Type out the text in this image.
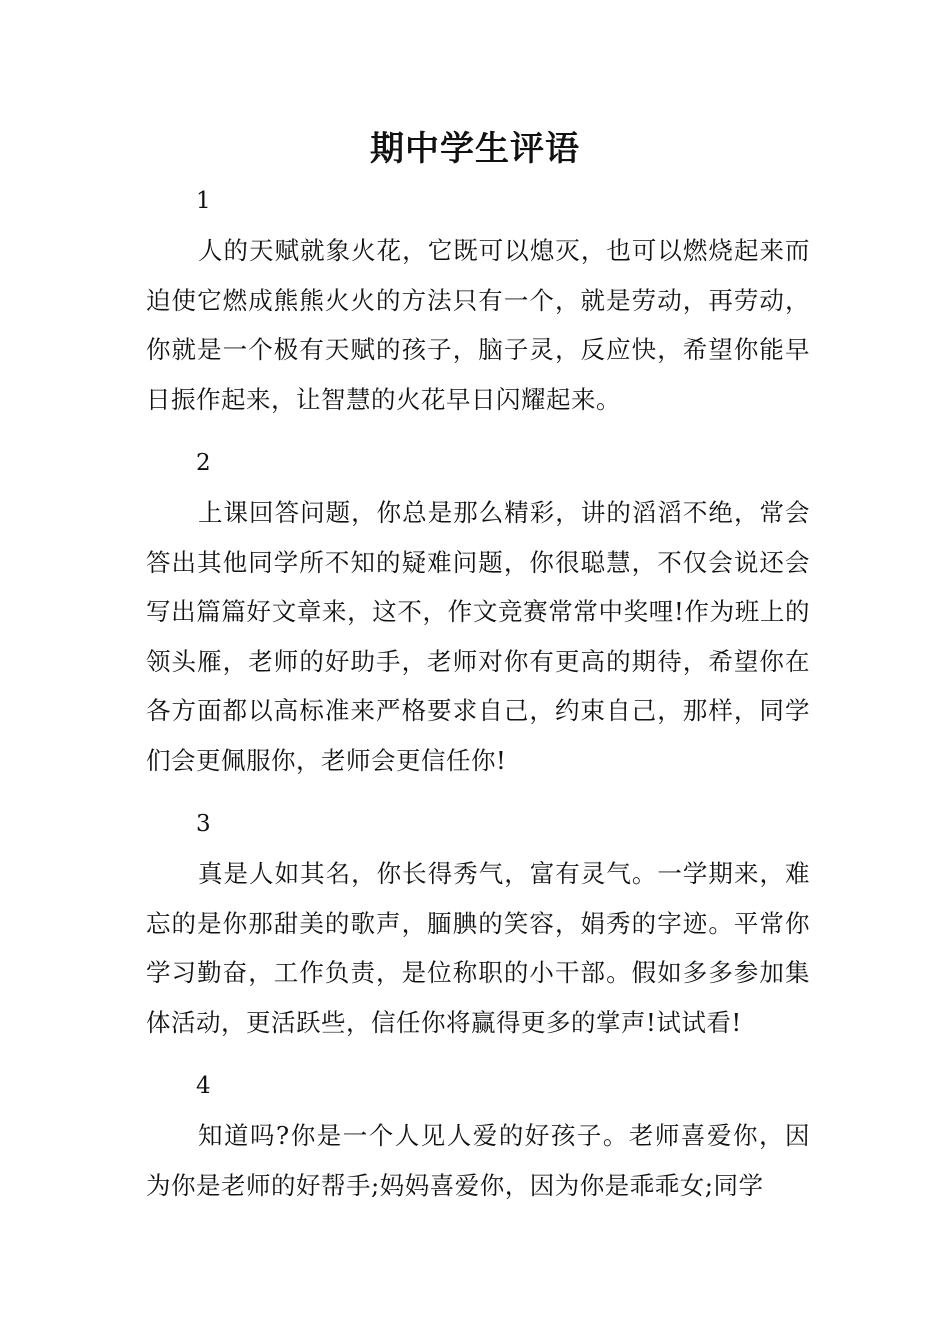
期中学生评语

1

人的天赋就象火花，它既可以熄灭，也可以燃烧起来而迫使它燃成熊熊火火的方法只有一个，就是劳动，再劳动，你就是一个极有天赋的孩子，脑子灵，反应快，希望你能早日振作起来，让智慧的火花早日闪耀起来。

2

上课回答问题，你总是那么精彩，讲的滔滔不绝，常会答出其他同学所不知的疑难问题，你很聪慧，不仅会说还会写出篇篇好文章来，这不，作文竞赛常常中奖哩!作为班上的领头雁，老师的好助手，老师对你有更高的期待，希望你在各方面都以高标准来严格要求自己，约束自己，那样，同学们会更佩服你，老师会更信任你!

3

真是人如其名，你长得秀气，富有灵气。一学期来，难忘的是你那甜美的歌声，腼腆的笑容，娟秀的字迹。平常你学习勤奋，工作负责，是位称职的小干部。假如多多参加集体活动，更活跃些，信任你将赢得更多的掌声!试试看!

4

知道吗?你是一个人见人爱的好孩子。老师喜爱你，因为你是老师的好帮手;妈妈喜爱你，因为你是乖乖女;同学
